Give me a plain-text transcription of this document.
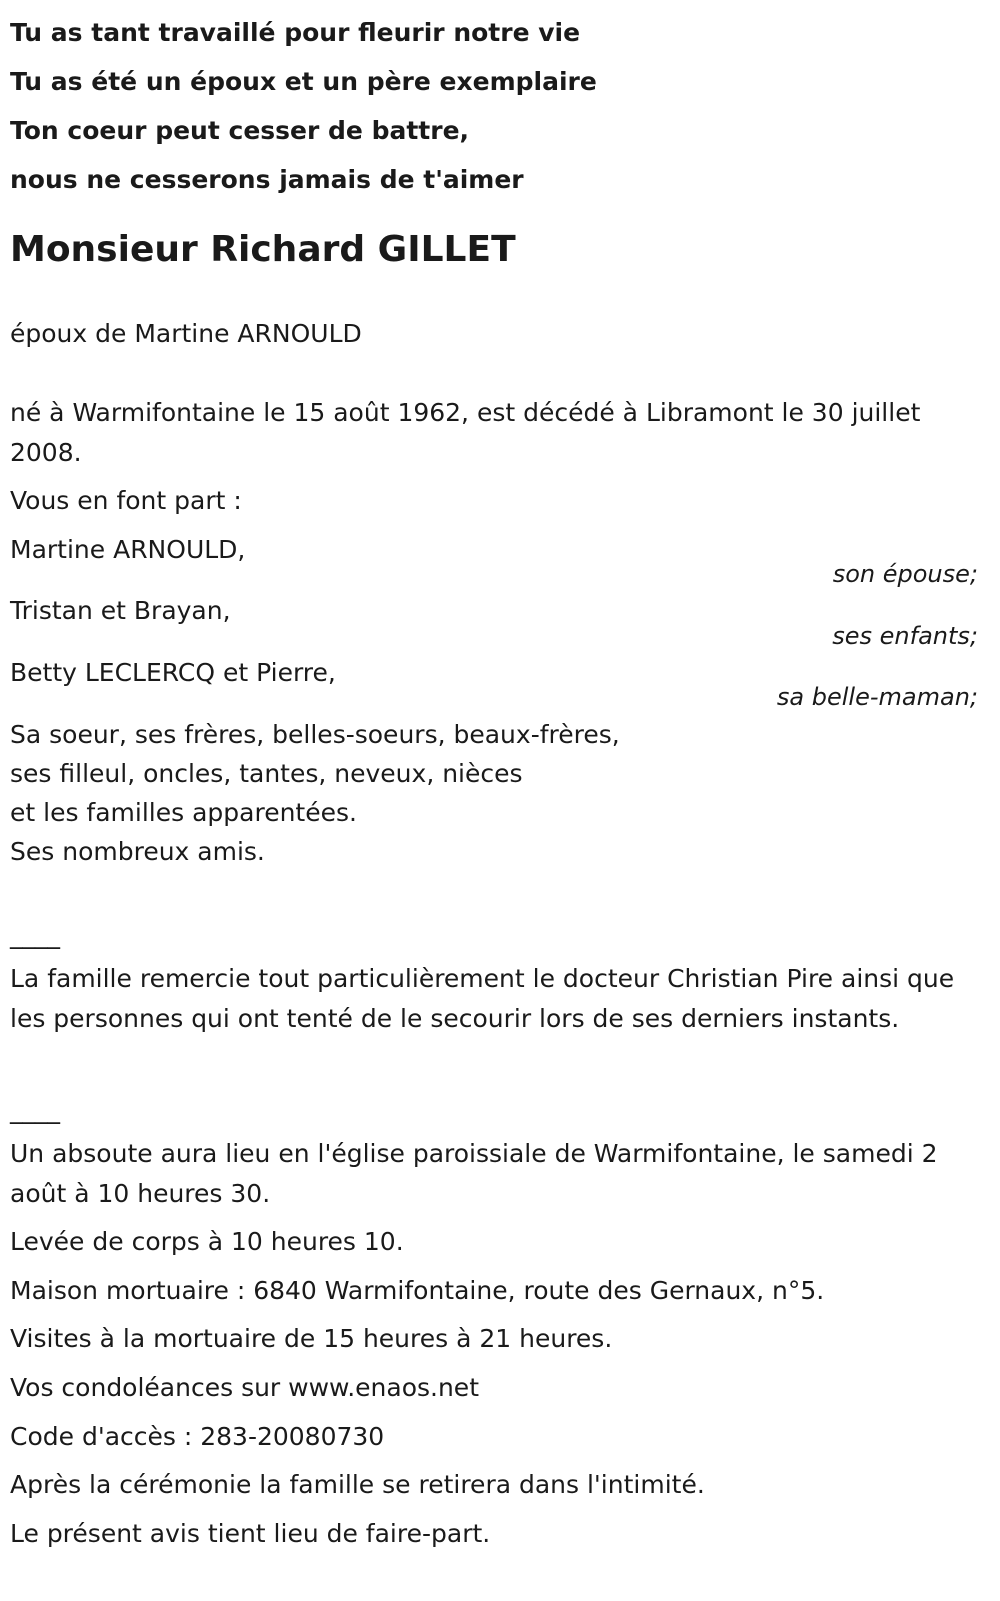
Tu as tant travaillé pour fleurir notre vie
Tu as été un époux et un père exemplaire
Ton coeur peut cesser de battre,
nous ne cesserons jamais de t'aimer
Monsieur Richard GILLET
époux de Martine ARNOULD
né à Warmifontaine le 15 août 1962, est décédé à Libramont le 30 juillet 2008.
Vous en font part :
Martine ARNOULD,
son épouse;
Tristan et Brayan,
ses enfants;
Betty LECLERCQ et Pierre,
sa belle-maman;
Sa soeur, ses frères, belles-soeurs, beaux-frères,
ses filleul, oncles, tantes, neveux, nièces
et les familles apparentées.
Ses nombreux amis.
____
La famille remercie tout particulièrement le docteur Christian Pire ainsi que les personnes qui ont tenté de le secourir lors de ses derniers instants.
____
Un absoute aura lieu en l'église paroissiale de Warmifontaine, le samedi 2 août à 10 heures 30.
Levée de corps à 10 heures 10.
Maison mortuaire : 6840 Warmifontaine, route des Gernaux, n°5.
Visites à la mortuaire de 15 heures à 21 heures.
Vos condoléances sur www.enaos.net
Code d'accès : 283-20080730
Après la cérémonie la famille se retirera dans l'intimité.
Le présent avis tient lieu de faire-part.
